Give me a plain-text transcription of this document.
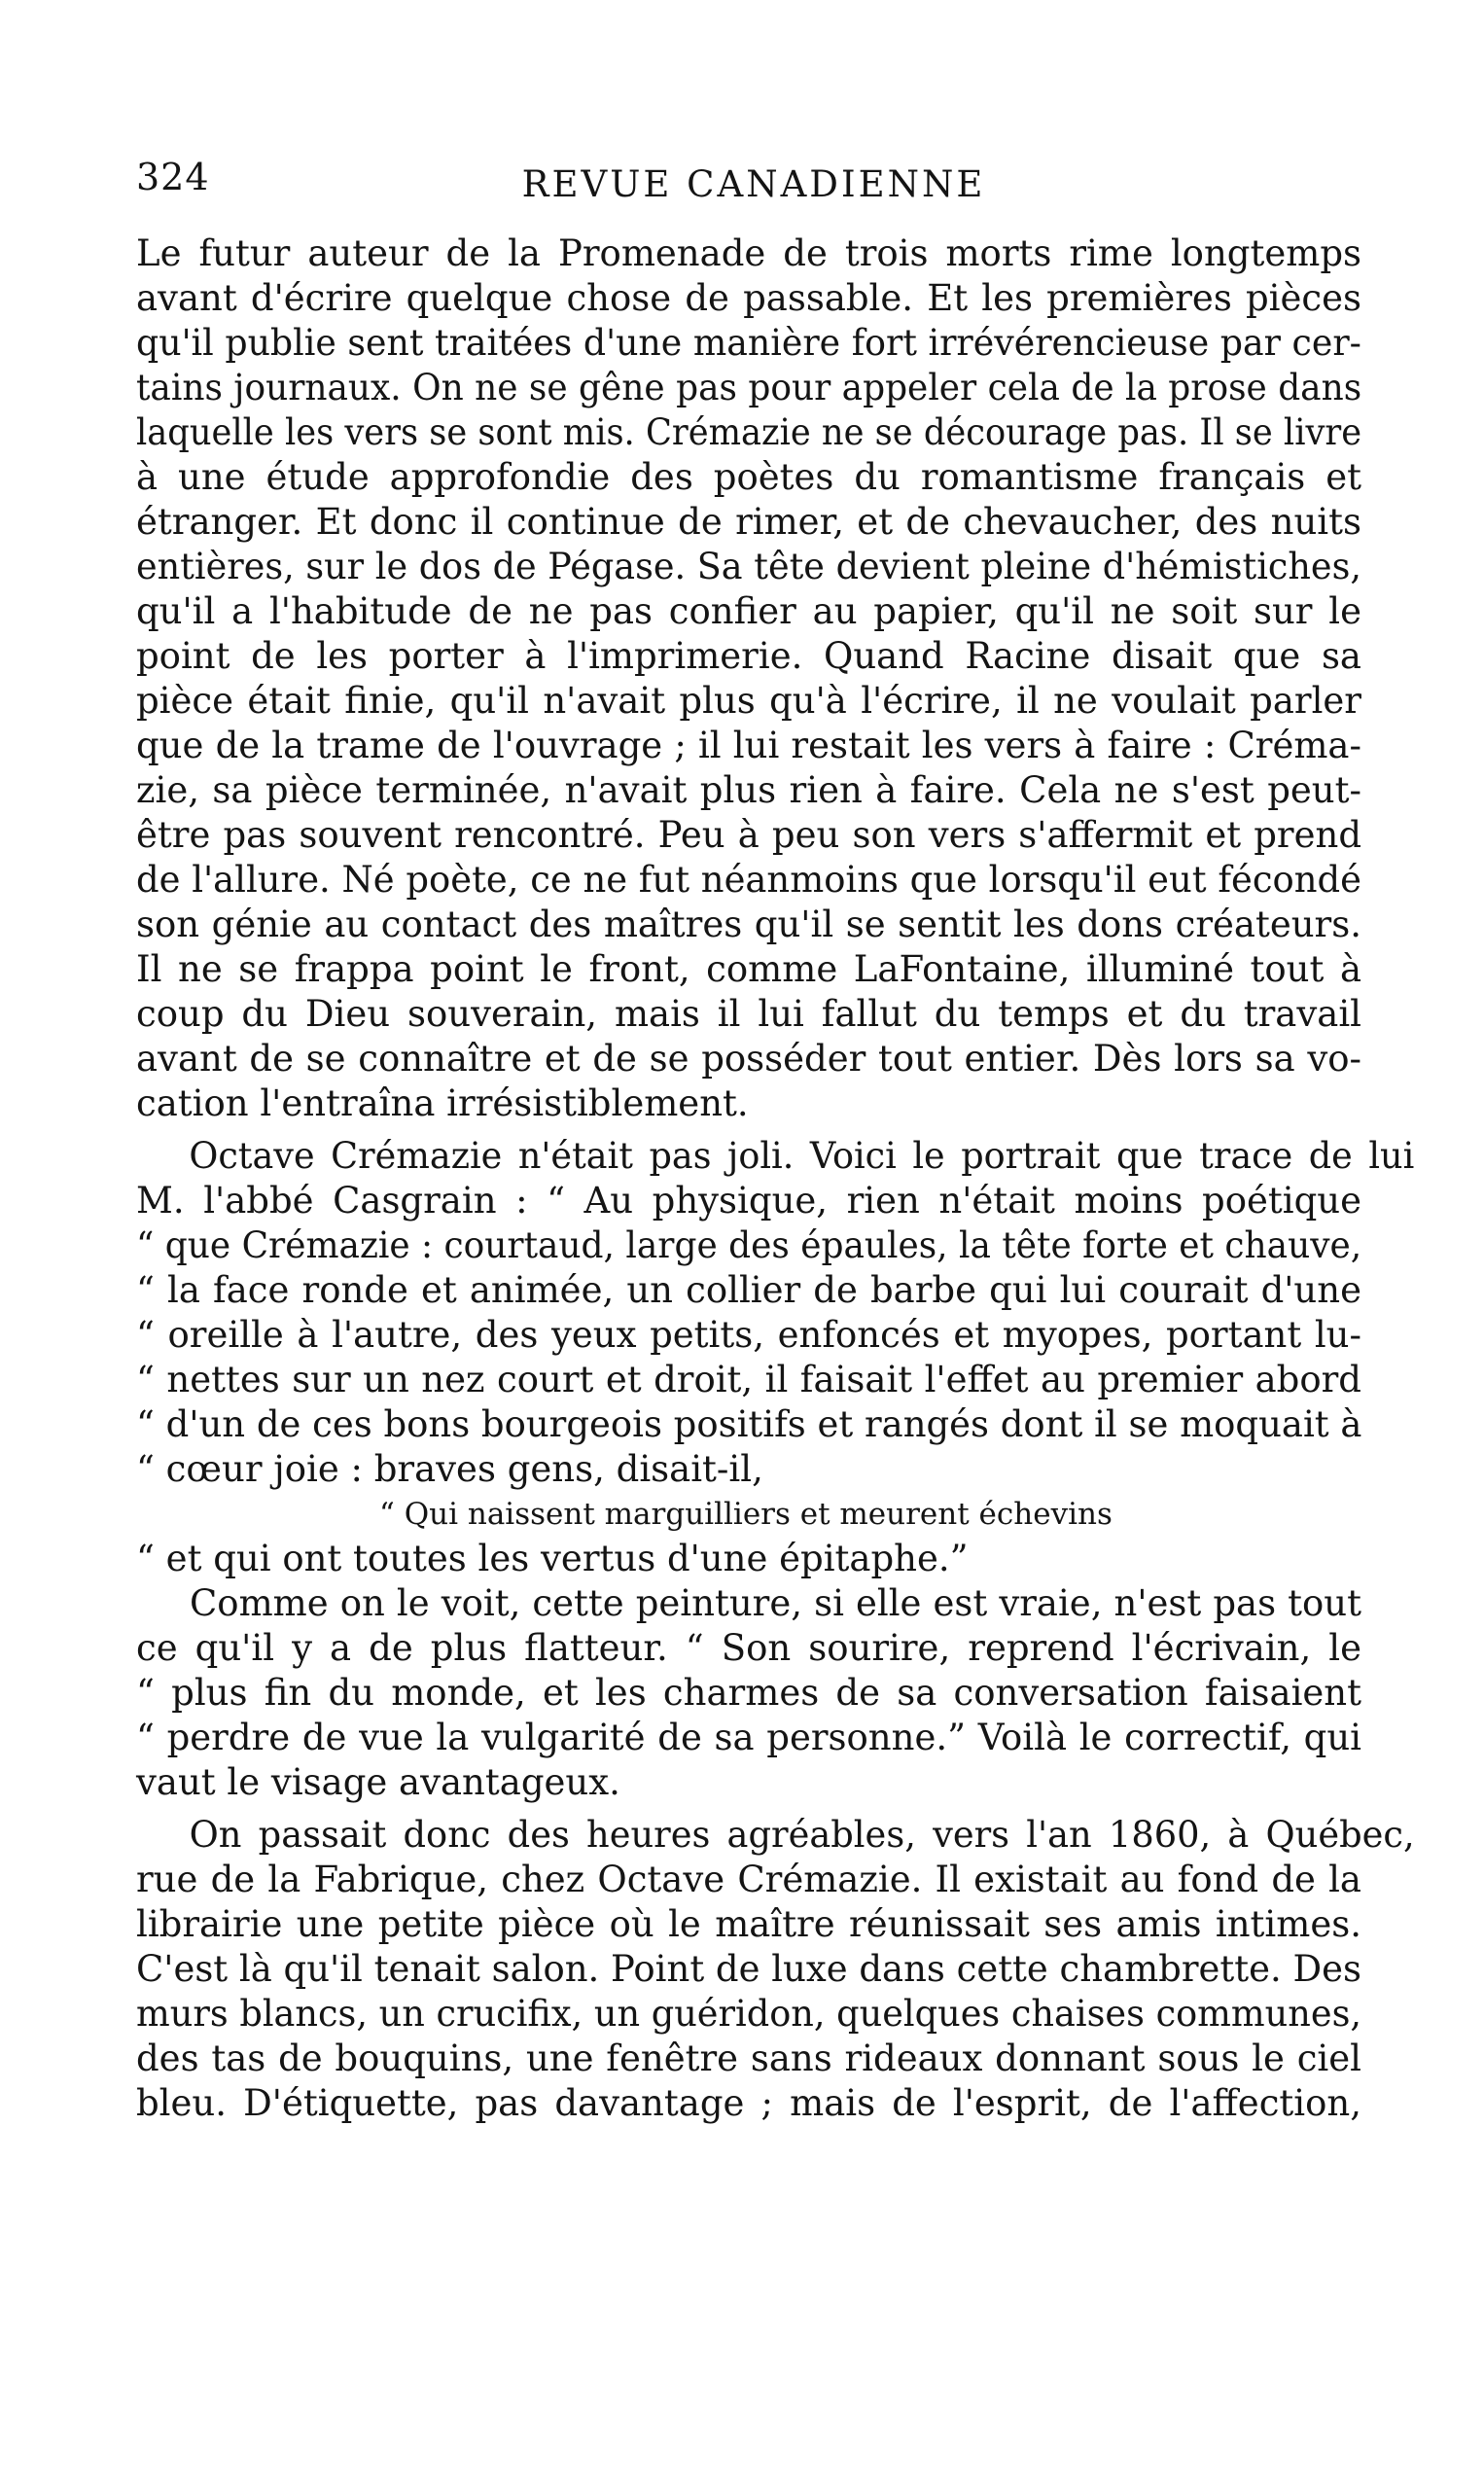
324	REVUE CANADIENNE
Le futur auteur de la Promenade de trois morts rime longtemps
avant d'écrire quelque chose de passable. Et les premières pièces
qu'il publie sent traitées d'une manière fort irrévérencieuse par cer-
tains journaux. On ne se gêne pas pour appeler cela de la prose dans
laquelle les vers se sont mis. Crémazie ne se décourage pas. Il se livre
à une étude approfondie des poètes du romantisme français et
étranger. Et donc il continue de rimer, et de chevaucher, des nuits
entières, sur le dos de Pégase. Sa tête devient pleine d'hémistiches,
qu'il a l'habitude de ne pas confier au papier, qu'il ne soit sur le
point de les porter à l'imprimerie. Quand Racine disait que sa
pièce était finie, qu'il n'avait plus qu'à l'écrire, il ne voulait parler
que de la trame de l'ouvrage ; il lui restait les vers à faire : Créma-
zie, sa pièce terminée, n'avait plus rien à faire. Cela ne s'est peut-
être pas souvent rencontré. Peu à peu son vers s'affermit et prend
de l'allure. Né poète, ce ne fut néanmoins que lorsqu'il eut fécondé
son génie au contact des maîtres qu'il se sentit les dons créateurs.
Il ne se frappa point le front, comme LaFontaine, illuminé tout à
coup du Dieu souverain, mais il lui fallut du temps et du travail
avant de se connaître et de se posséder tout entier. Dès lors sa vo-
cation l'entraîna irrésistiblement.
Octave Crémazie n'était pas joli. Voici le portrait que trace de lui
M. l'abbé Casgrain : “ Au physique, rien n'était moins poétique
“ que Crémazie : courtaud, large des épaules, la tête forte et chauve,
“ la face ronde et animée, un collier de barbe qui lui courait d'une
“ oreille à l'autre, des yeux petits, enfoncés et myopes, portant lu-
“ nettes sur un nez court et droit, il faisait l'effet au premier abord
“ d'un de ces bons bourgeois positifs et rangés dont il se moquait à
“ cœur joie : braves gens, disait-il,
“ Qui naissent marguilliers et meurent échevins
“ et qui ont toutes les vertus d'une épitaphe.”
Comme on le voit, cette peinture, si elle est vraie, n'est pas tout
ce qu'il y a de plus flatteur. “ Son sourire, reprend l'écrivain, le
“ plus fin du monde, et les charmes de sa conversation faisaient
“ perdre de vue la vulgarité de sa personne.” Voilà le correctif, qui
vaut le visage avantageux.
On passait donc des heures agréables, vers l'an 1860, à Québec,
rue de la Fabrique, chez Octave Crémazie. Il existait au fond de la
librairie une petite pièce où le maître réunissait ses amis intimes.
C'est là qu'il tenait salon. Point de luxe dans cette chambrette. Des
murs blancs, un crucifix, un guéridon, quelques chaises communes,
des tas de bouquins, une fenêtre sans rideaux donnant sous le ciel
bleu. D'étiquette, pas davantage ; mais de l'esprit, de l'affection,
